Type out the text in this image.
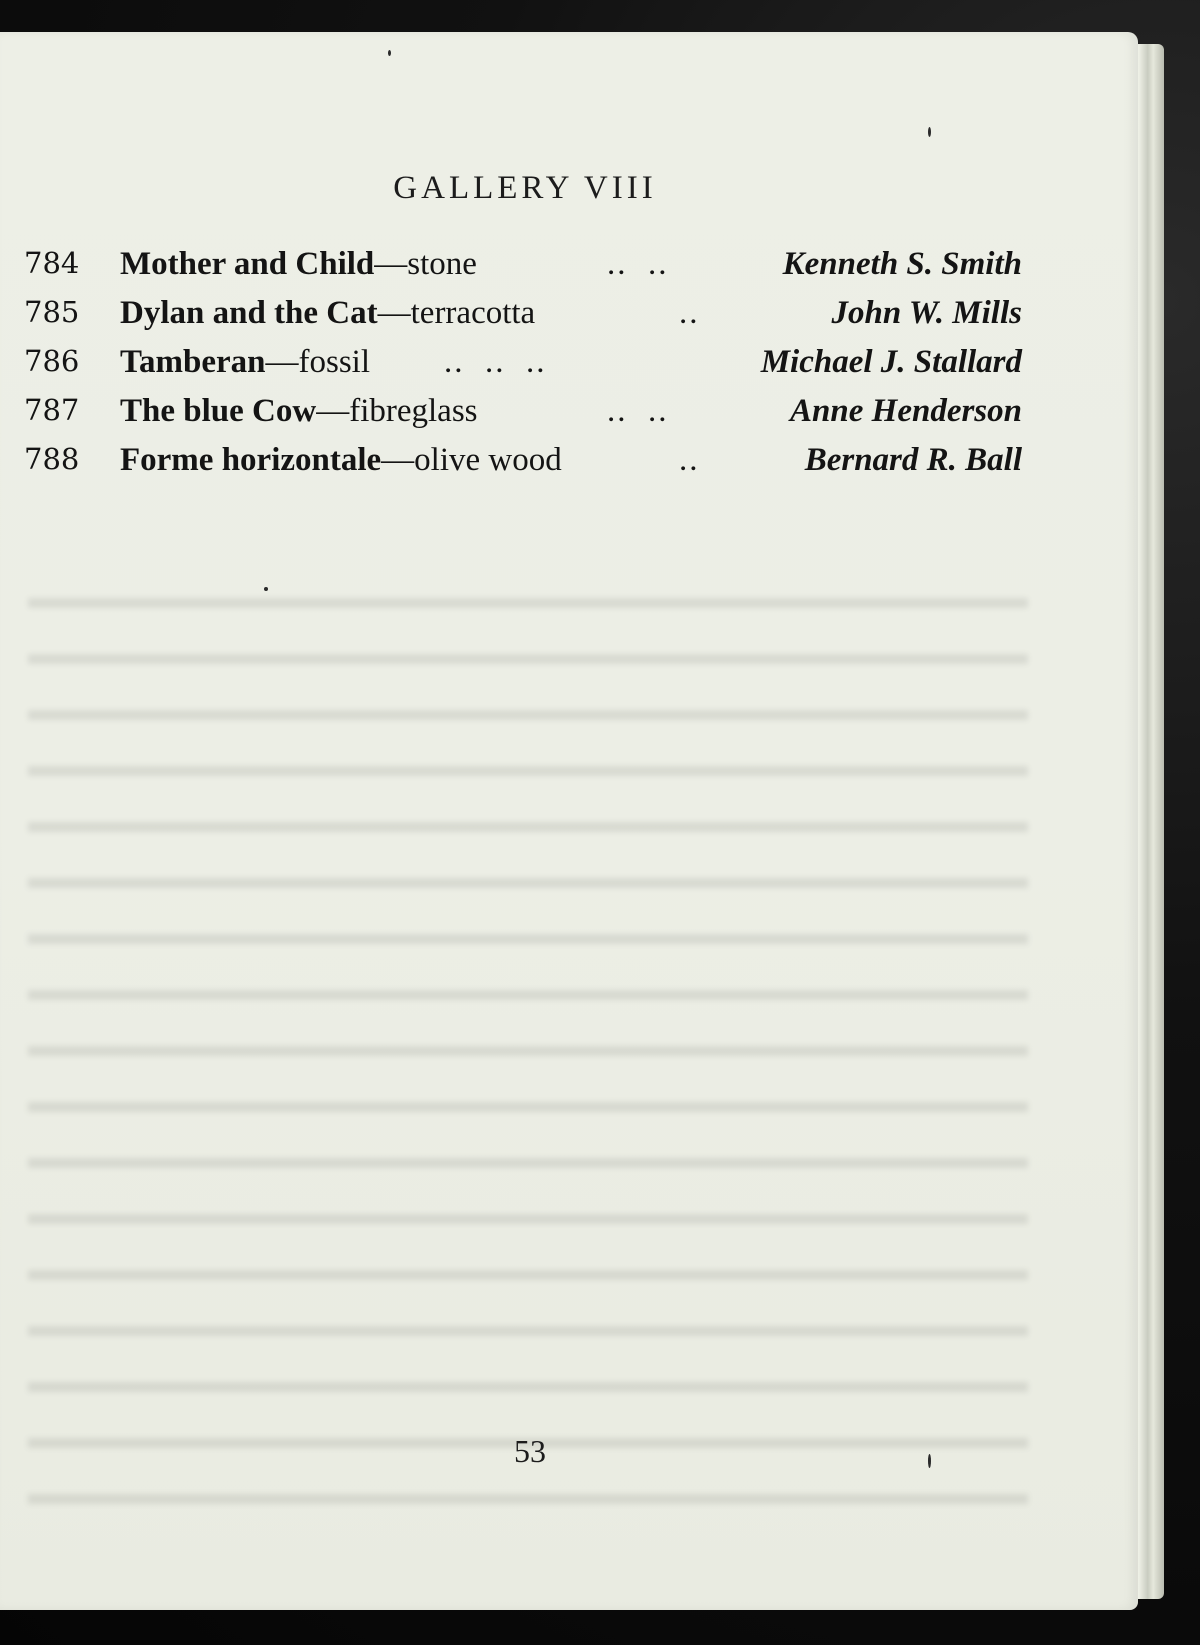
GALLERY VIII
784	Mother and Child—stone	..  ..	Kenneth S. Smith
785	Dylan and the Cat—terracotta	..	John W. Mills
786	Tamberan—fossil ..  ..  ..	Michael J. Stallard
787	The blue Cow—fibreglass	..  ..	Anne Henderson
788	Forme horizontale—olive wood	..	Bernard R. Ball
53
